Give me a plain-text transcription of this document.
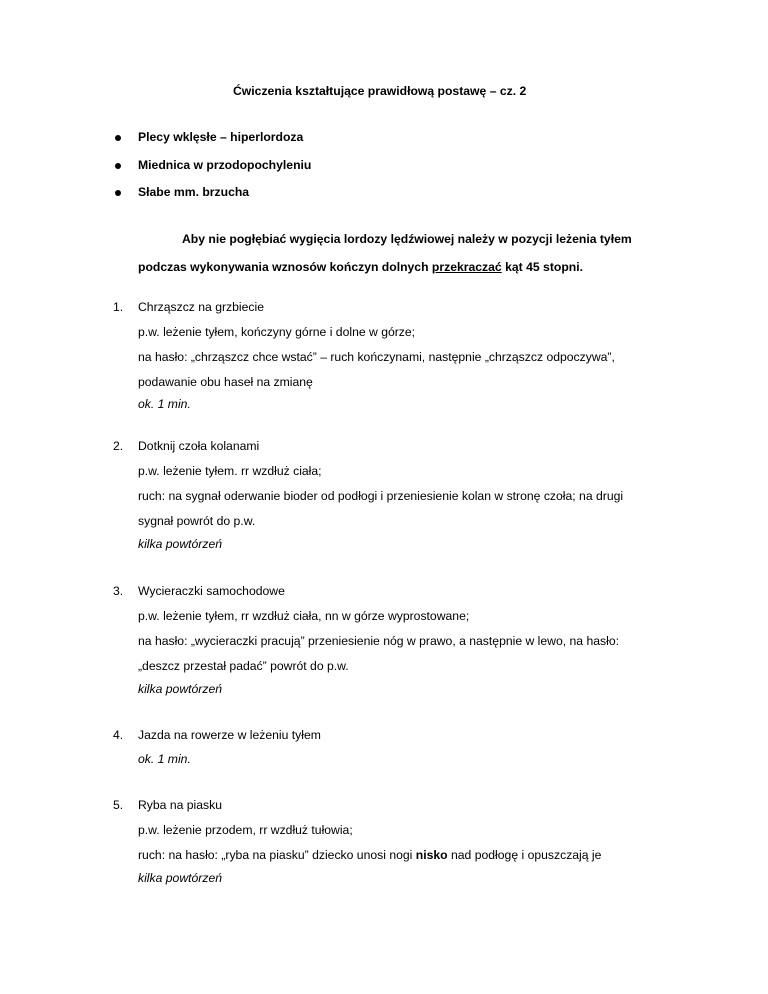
Ćwiczenia kształtujące prawidłową postawę – cz. 2
Plecy wklęsłe – hiperlordoza
Miednica w przodopochyleniu
Słabe mm. brzucha
Aby nie pogłębiać wygięcia lordozy lędźwiowej należy w pozycji leżenia tyłem
podczas wykonywania wznosów kończyn dolnych przekraczać kąt 45 stopni.
1. Chrząszcz na grzbiecie
p.w. leżenie tyłem, kończyny górne i dolne w górze;
na hasło: „chrząszcz chce wstać” – ruch kończynami, następnie „chrząszcz odpoczywa”,
podawanie obu haseł na zmianę
ok. 1 min.
2. Dotknij czoła kolanami
p.w. leżenie tyłem. rr wzdłuż ciała;
ruch: na sygnał oderwanie bioder od podłogi i przeniesienie kolan w stronę czoła; na drugi
sygnał powrót do p.w.
kilka powtórzeń
3. Wycieraczki samochodowe
p.w. leżenie tyłem, rr wzdłuż ciała, nn w górze wyprostowane;
na hasło: „wycieraczki pracują” przeniesienie nóg w prawo, a następnie w lewo, na hasło:
„deszcz przestał padać” powrót do p.w.
kilka powtórzeń
4. Jazda na rowerze w leżeniu tyłem
ok. 1 min.
5. Ryba na piasku
p.w. leżenie przodem, rr wzdłuż tułowia;
ruch: na hasło: „ryba na piasku” dziecko unosi nogi nisko nad podłogę i opuszczają je
kilka powtórzeń
